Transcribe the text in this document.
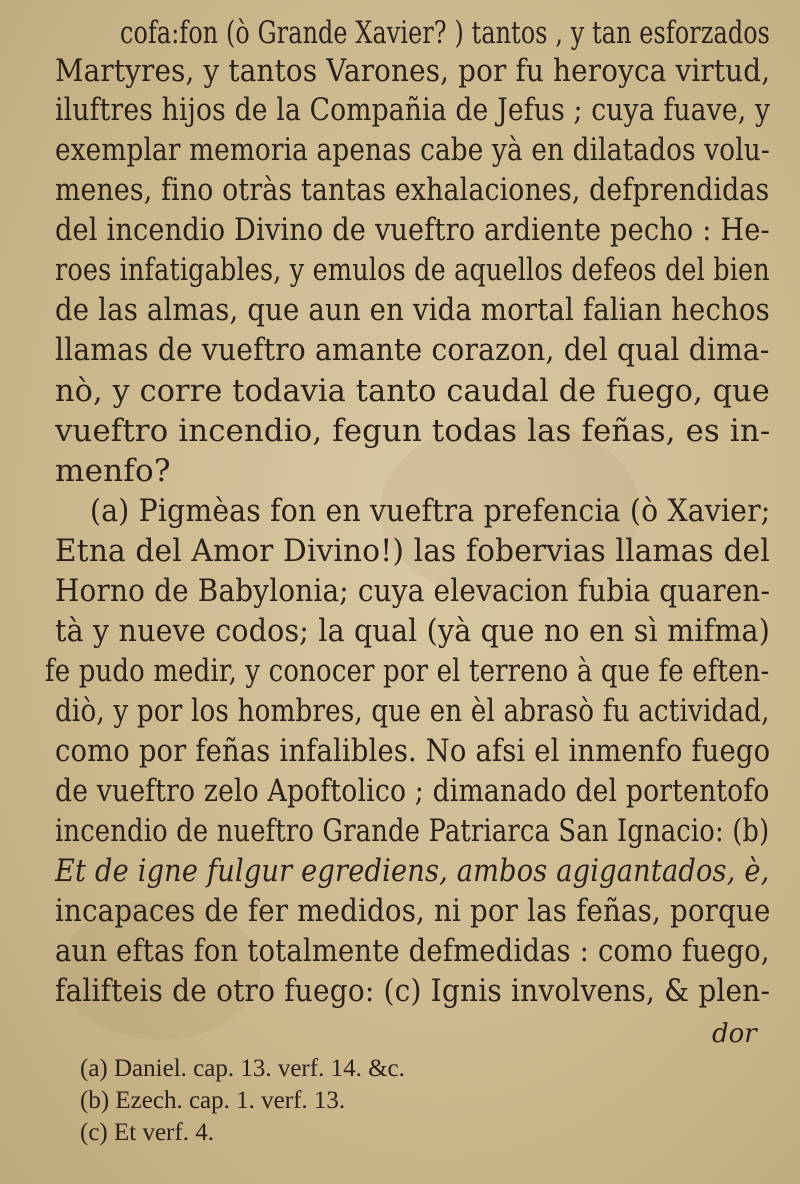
cofa:fon (ò Grande Xavier? ) tantos , y tan esforzados
Martyres, y tantos Varones, por fu heroyca virtud,
iluftres hijos de la Compañia de Jefus ; cuya fuave, y
exemplar memoria apenas cabe yà en dilatados volu-
menes, fino otràs tantas exhalaciones, defprendidas
del incendio Divino de vueftro ardiente pecho : He-
roes infatigables, y emulos de aquellos defeos del bien
de las almas, que aun en vida mortal falian hechos
llamas de vueftro amante corazon, del qual dima-
nò, y corre todavia tanto caudal de fuego, que
vueftro incendio, fegun todas las feñas, es in-
menfo?
(a) Pigmèas fon en vueftra prefencia (ò Xavier;
Etna del Amor Divino!) las fobervias llamas del
Horno de Babylonia; cuya elevacion fubia quaren-
tà y nueve codos; la qual (yà que no en sì mifma)
fe pudo medir, y conocer por el terreno à que fe eften-
diò, y por los hombres, que en èl abrasò fu actividad,
como por feñas infalibles. No afsi el inmenfo fuego
de vueftro zelo Apoftolico ; dimanado del portentofo
incendio de nueftro Grande Patriarca San Ignacio: (b)
Et de igne fulgur egrediens, ambos agigantados, è,
incapaces de fer medidos, ni por las feñas, porque
aun eftas fon totalmente defmedidas : como fuego,
falifteis de otro fuego: (c) Ignis involvens, & plen-
dor
(a) Daniel. cap. 13. verf. 14. &c.
(b) Ezech. cap. 1. verf. 13.
(c) Et verf. 4.
